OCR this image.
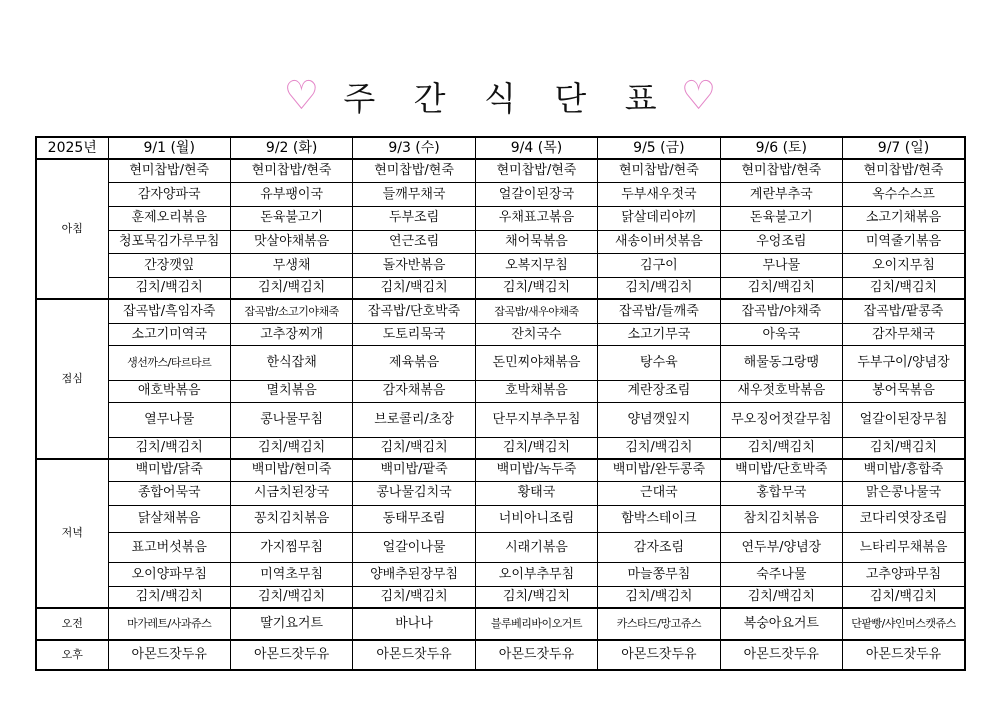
♡ 주 간 식 단 표 ♡
2025년	9/1 (월)	9/2 (화)	9/3 (수)	9/4 (목)	9/5 (금)	9/6 (토)	9/7 (일)
아침	현미찹밥/현죽	현미찹밥/현죽	현미찹밥/현죽	현미찹밥/현죽	현미찹밥/현죽	현미찹밥/현죽	현미찹밥/현죽
	감자양파국	유부팽이국	들깨무채국	얼갈이된장국	두부새우젓국	계란부추국	옥수수스프
	훈제오리볶음	돈육불고기	두부조림	우채표고볶음	닭살데리야끼	돈육불고기	소고기채볶음
	청포묵김가루무침	맛살야채볶음	연근조림	채어묵볶음	새송이버섯볶음	우엉조림	미역줄기볶음
	간장깻잎	무생채	돌자반볶음	오복지무침	김구이	무나물	오이지무침
	김치/백김치	김치/백김치	김치/백김치	김치/백김치	김치/백김치	김치/백김치	김치/백김치
점심	잡곡밥/흑임자죽	잡곡밥/소고기야채죽	잡곡밥/단호박죽	잡곡밥/새우야채죽	잡곡밥/들깨죽	잡곡밥/야채죽	잡곡밥/팥콩죽
	소고기미역국	고추장찌개	도토리묵국	잔치국수	소고기무국	아욱국	감자무채국
	생선까스/타르타르	한식잡채	제육볶음	돈민찌야채볶음	탕수육	해물동그랑땡	두부구이/양념장
	애호박볶음	멸치볶음	감자채볶음	호박채볶음	계란장조림	새우젓호박볶음	봉어묵볶음
	열무나물	콩나물무침	브로콜리/초장	단무지부추무침	양념깻잎지	무오징어젓갈무침	얼갈이된장무침
	김치/백김치	김치/백김치	김치/백김치	김치/백김치	김치/백김치	김치/백김치	김치/백김치
저녁	백미밥/닭죽	백미밥/현미죽	백미밥/팥죽	백미밥/녹두죽	백미밥/완두콩죽	백미밥/단호박죽	백미밥/흥합죽
	종합어묵국	시금치된장국	콩나물김치국	황태국	근대국	홍합무국	맑은콩나물국
	닭살채볶음	꽁치김치볶음	동태무조림	너비아니조림	함박스테이크	참치김치볶음	코다리엿장조림
	표고버섯볶음	가지찜무침	얼갈이나물	시래기볶음	감자조림	연두부/양념장	느타리무채볶음
	오이양파무침	미역초무침	양배추된장무침	오이부추무침	마늘쫑무침	숙주나물	고추양파무침
	김치/백김치	김치/백김치	김치/백김치	김치/백김치	김치/백김치	김치/백김치	김치/백김치
오전	마가레트/사과쥬스	딸기요거트	바나나	블루베리바이오거트	카스타드/망고쥬스	복숭아요거트	단팥빵/샤인머스캣쥬스
오후	아몬드잣두유	아몬드잣두유	아몬드잣두유	아몬드잣두유	아몬드잣두유	아몬드잣두유	아몬드잣두유
